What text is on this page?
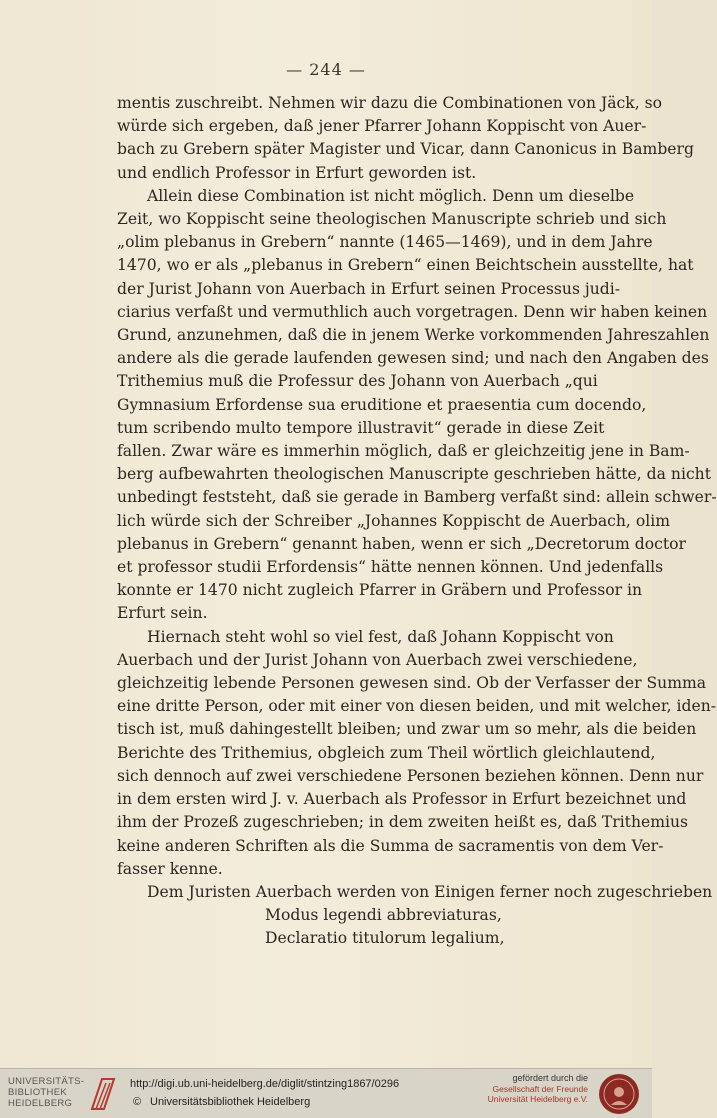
— 244 —
mentis zuschreibt. Nehmen wir dazu die Combinationen von Jäck, so
würde sich ergeben, daß jener Pfarrer Johann Koppischt von Auer-
bach zu Grebern später Magister und Vicar, dann Canonicus in Bamberg
und endlich Professor in Erfurt geworden ist.
Allein diese Combination ist nicht möglich. Denn um dieselbe
Zeit, wo Koppischt seine theologischen Manuscripte schrieb und sich
„olim plebanus in Grebern“ nannte (1465—1469), und in dem Jahre
1470, wo er als „plebanus in Grebern“ einen Beichtschein ausstellte, hat
der Jurist Johann von Auerbach in Erfurt seinen Processus judi-
ciarius verfaßt und vermuthlich auch vorgetragen. Denn wir haben keinen
Grund, anzunehmen, daß die in jenem Werke vorkommenden Jahreszahlen
andere als die gerade laufenden gewesen sind; und nach den Angaben des
Trithemius muß die Professur des Johann von Auerbach „qui
Gymnasium Erfordense sua eruditione et praesentia cum docendo,
tum scribendo multo tempore illustravit“ gerade in diese Zeit
fallen. Zwar wäre es immerhin möglich, daß er gleichzeitig jene in Bam-
berg aufbewahrten theologischen Manuscripte geschrieben hätte, da nicht
unbedingt feststeht, daß sie gerade in Bamberg verfaßt sind: allein schwer-
lich würde sich der Schreiber „Johannes Koppischt de Auerbach, olim
plebanus in Grebern“ genannt haben, wenn er sich „Decretorum doctor
et professor studii Erfordensis“ hätte nennen können. Und jedenfalls
konnte er 1470 nicht zugleich Pfarrer in Gräbern und Professor in
Erfurt sein.
Hiernach steht wohl so viel fest, daß Johann Koppischt von
Auerbach und der Jurist Johann von Auerbach zwei verschiedene,
gleichzeitig lebende Personen gewesen sind. Ob der Verfasser der Summa
eine dritte Person, oder mit einer von diesen beiden, und mit welcher, iden-
tisch ist, muß dahingestellt bleiben; und zwar um so mehr, als die beiden
Berichte des Trithemius, obgleich zum Theil wörtlich gleichlautend,
sich dennoch auf zwei verschiedene Personen beziehen können. Denn nur
in dem ersten wird J. v. Auerbach als Professor in Erfurt bezeichnet und
ihm der Prozeß zugeschrieben; in dem zweiten heißt es, daß Trithemius
keine anderen Schriften als die Summa de sacramentis von dem Ver-
fasser kenne.
Dem Juristen Auerbach werden von Einigen ferner noch zugeschrieben
Modus legendi abbreviaturas,
Declaratio titulorum legalium,
UNIVERSITÄTS-
BIBLIOTHEK
HEIDELBERG
http://digi.ub.uni-heidelberg.de/diglit/stintzing1867/0296
© Universitätsbibliothek Heidelberg
gefördert durch die
Gesellschaft der Freunde
Universität Heidelberg e.V.
